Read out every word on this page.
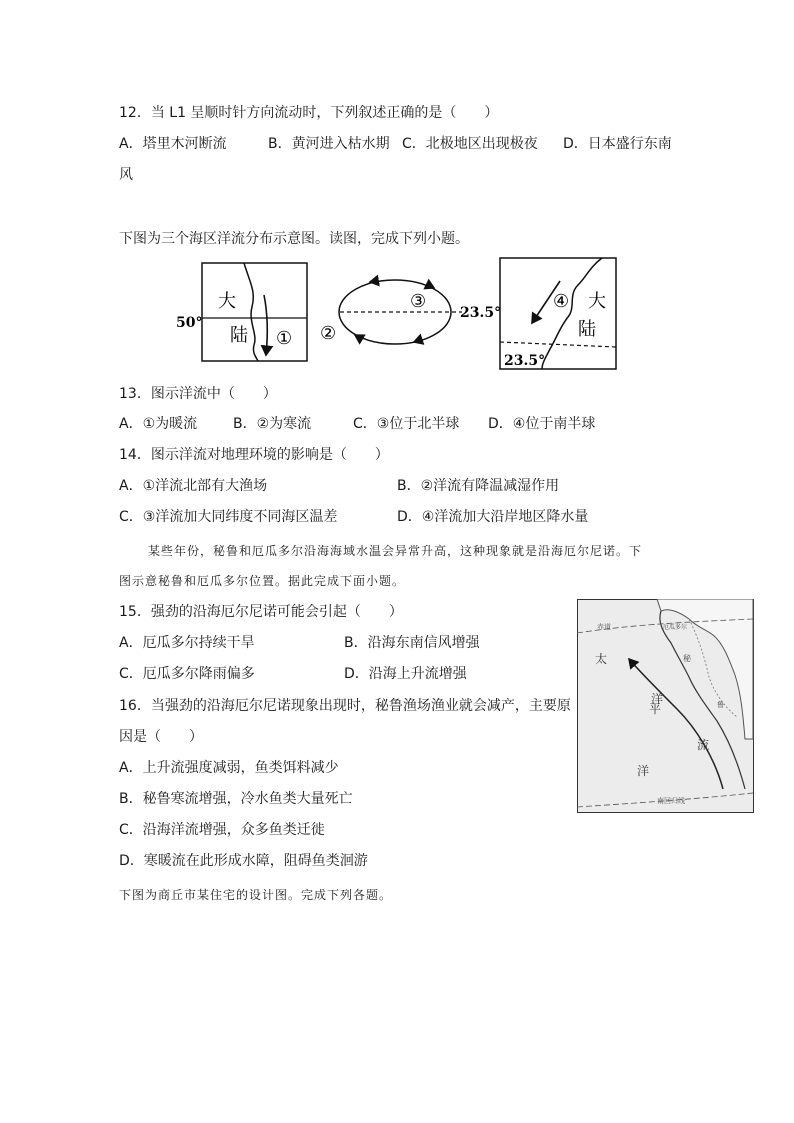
12．当 L1 呈顺时针方向流动时，下列叙述正确的是（　　）
A．塔里木河断流	B．黄河进入枯水期 C．北极地区出现极夜 D．日本盛行东南
风
下图为三个海区洋流分布示意图。读图，完成下列小题。
50°
大
陆 ①
③
②
23.5°
④ 大
陆
23.5°
13．图示洋流中（　　）
A．①为暖流	B．②为寒流	C．③位于北半球 D．④位于南半球
14．图示洋流对地理环境的影响是（　　）
A．①洋流北部有大渔场	B．②洋流有降温减湿作用
C．③洋流加大同纬度不同海区温差	D．④洋流加大沿岸地区降水量
某些年份，秘鲁和厄瓜多尔沿海海域水温会异常升高，这种现象就是沿海厄尔尼诺。下
图示意秘鲁和厄瓜多尔位置。据此完成下面小题。
15．强劲的沿海厄尔尼诺可能会引起（　　）
A．厄瓜多尔持续干旱	B．沿海东南信风增强
C．厄瓜多尔降雨偏多	D．沿海上升流增强
16．当强劲的沿海厄尔尼诺现象出现时，秘鲁渔场渔业就会减产，主要原
因是（　　）
A．上升流强度减弱，鱼类饵料减少
B．秘鲁寒流增强，冷水鱼类大量死亡
C．沿海洋流增强，众多鱼类迁徙
D．寒暖流在此形成水障，阻碍鱼类洄游
赤道
南回归线
太
平
洋
流
洋
厄瓜多尔
秘
鲁
下图为商丘市某住宅的设计图。完成下列各题。
